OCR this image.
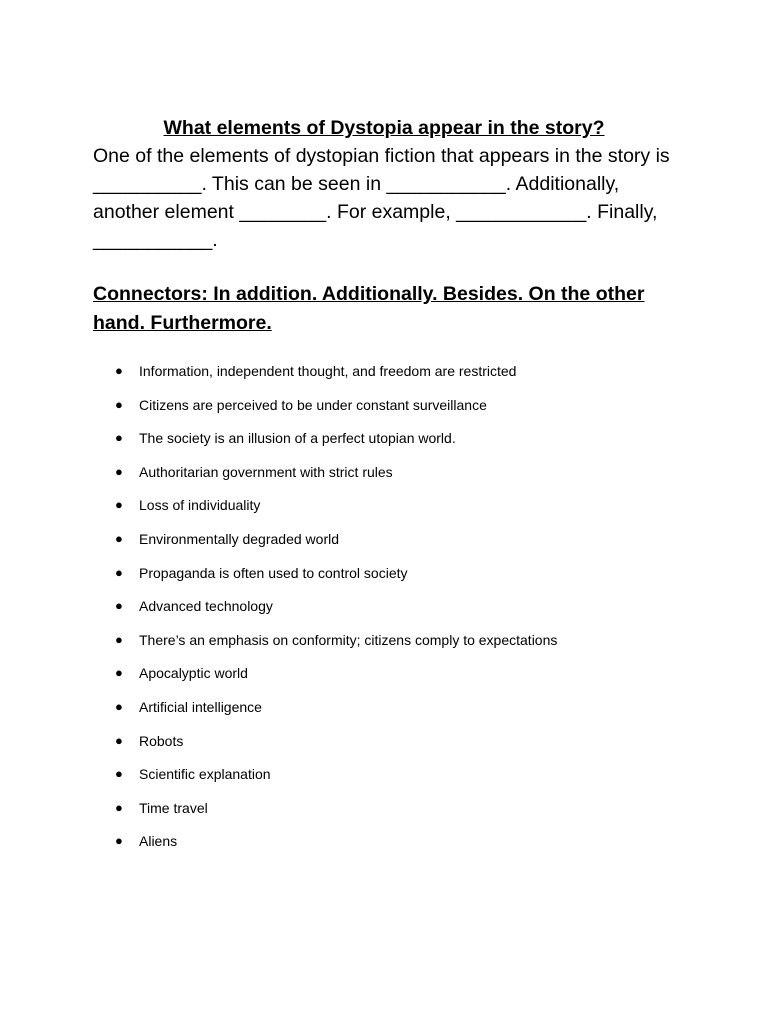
What elements of Dystopia appear in the story?

One of the elements of dystopian fiction that appears in the story is __________. This can be seen in ___________. Additionally, another element ________. For example, ____________. Finally, ___________.

Connectors: In addition. Additionally. Besides. On the other hand. Furthermore.

● Information, independent thought, and freedom are restricted
● Citizens are perceived to be under constant surveillance
● The society is an illusion of a perfect utopian world.
● Authoritarian government with strict rules
● Loss of individuality
● Environmentally degraded world
● Propaganda is often used to control society
● Advanced technology
● There’s an emphasis on conformity; citizens comply to expectations
● Apocalyptic world
● Artificial intelligence
● Robots
● Scientific explanation
● Time travel
● Aliens
